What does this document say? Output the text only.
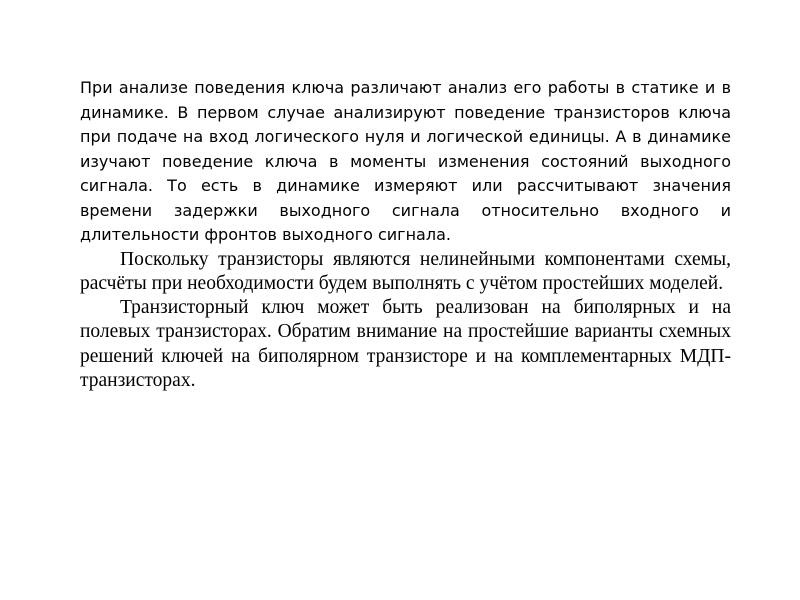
При анализе поведения ключа различают анализ его работы в статике и в динамике. В первом случае анализируют поведение транзисторов ключа при подаче на вход логического нуля и логической единицы. А в динамике изучают поведение ключа в моменты изменения состояний выходного сигнала. То есть в динамике измеряют или рассчитывают значения времени задержки выходного сигнала относительно входного и длительности фронтов выходного сигнала.

Поскольку транзисторы являются нелинейными компонентами схемы, расчёты при необходимости будем выполнять с учётом простейших моделей.

Транзисторный ключ может быть реализован на биполярных и на полевых транзисторах. Обратим внимание на простейшие варианты схемных решений ключей на биполярном транзисторе и на комплементарных МДП-транзисторах.
